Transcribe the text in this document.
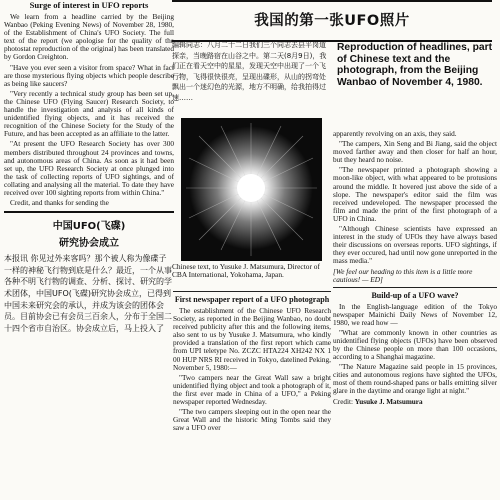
Surge of interest in UFO reports

We learn from a headline carried by the Beijing Wanbao (Peking Evening News) of November 28, 1980, of the Establishment of China's UFO Society. The full text of the report (we apologise for the quality of the photostat reproduction of the original) has been translated by Gordon Creighton.

"Have you ever seen a visitor from space? What in fact are those mysterious flying objects which people describe as being like saucers?

"Very recently a technical study group has been set up, the Chinese UFO (Flying Saucer) Research Society, to handle the investigation and analysis of all kinds of unidentified flying objects, and it has received the recognition of the Chinese Society for the Study of the Future, and has been accepted as an affiliate to the latter.

"At present the UFO Research Society has over 300 members distributed throughout 24 provinces and towns, and autonomous areas of China. As soon as it had been set up, the UFO Research Society at once plunged into the task of collecting reports of UFO sightings, and of collating and analysing all the material. To date they have received over 100 sighting reports from within China."

Credit, and thanks for sending the

中国UFO(飞碟)
研究协会成立

本报讯 你见过外来客吗？那个被人称为像碟子一样的神秘飞行物到底是什么？最近，一个从事各种不明飞行物的调查、分析、探讨、研究的学术团体，中国UFO(飞碟)研究协会成立，已得到中国未来研究会的承认，并成为该会的团体会员。目前协会已有会员三百余人，分布于全国二十四个省市自治区。协会成立后，马上投入了

我国的第一张UFO照片

编辑同志：八月二十二日我们三个同志去县平岗道探亲，当晚路宿在山谷之中。第二天(8月9日)，我们正在看天空中的星星，发现天空中出现了一个飞行物，飞得很快很亮，呈现出碟形，从山的拐弯处飘出一个迷幻色的光源，地方不明确，给我拍得过速……

Chinese text, to Yusuke J. Matsumura, Director of CBA International, Yokohama, Japan.

First newspaper report of a UFO photograph

The establishment of the Chinese UFO Research Society, as reported in the Beijing Wanbao, no doubt received publicity after this and the following items, also sent to us by Yusuke J. Matsumura, who kindly provided a translation of the first report which came from UPI teletype No. ZCZC HTA224 XH242 NX 1 00 HUP NRS RI received in Tokyo, datelined Peking, November 5, 1980:—

"Two campers near the Great Wall saw a bright unidentified flying object and took a photograph of it, the first ever made in China of a UFO," a Peking newspaper reported Wednesday.

"The two campers sleeping out in the open near the Great Wall and the historic Ming Tombs said they saw a UFO over

Reproduction of headlines, part of Chinese text and the photograph, from the Beijing Wanbao of November 4, 1980.

apparently revolving on an axis, they said.

"The campers, Xin Seng and Bi Jiang, said the object moved farther away and then closer for half an hour, but they heard no noise.

"The newspaper printed a photograph showing a moon-like object, with what appeared to be protusions around the middle. It hovered just above the side of a slope. The newspaper's editor said the film was received undeveloped. The newspaper processed the film and made the print of the first photograph of a UFO in China.

"Although Chinese scientists have expressed an interest in the study of UFOs they have always based their discussions on overseas reports. UFO sightings, if they ever occured, had until now gone unreported in the mass media."

[We feel our heading to this item is a little more cautious! — ED]

Build-up of a UFO wave?

In the English-language edition of the Tokyo newspaper Mainichi Daily News of November 12, 1980, we read how —

"What are commonly known in other countries as unidentified flying objects (UFOs) have been observed by the Chinese people on more than 100 occasions, according to a Shanghai magazine.

"The Nature Magazine said people in 15 provinces, cities and autonomous regions have sighted the UFOs, most of them round-shaped pans or balls emitting silver glare in the daytime and orange light at night."

Credit: Yusuke J. Matsumura
